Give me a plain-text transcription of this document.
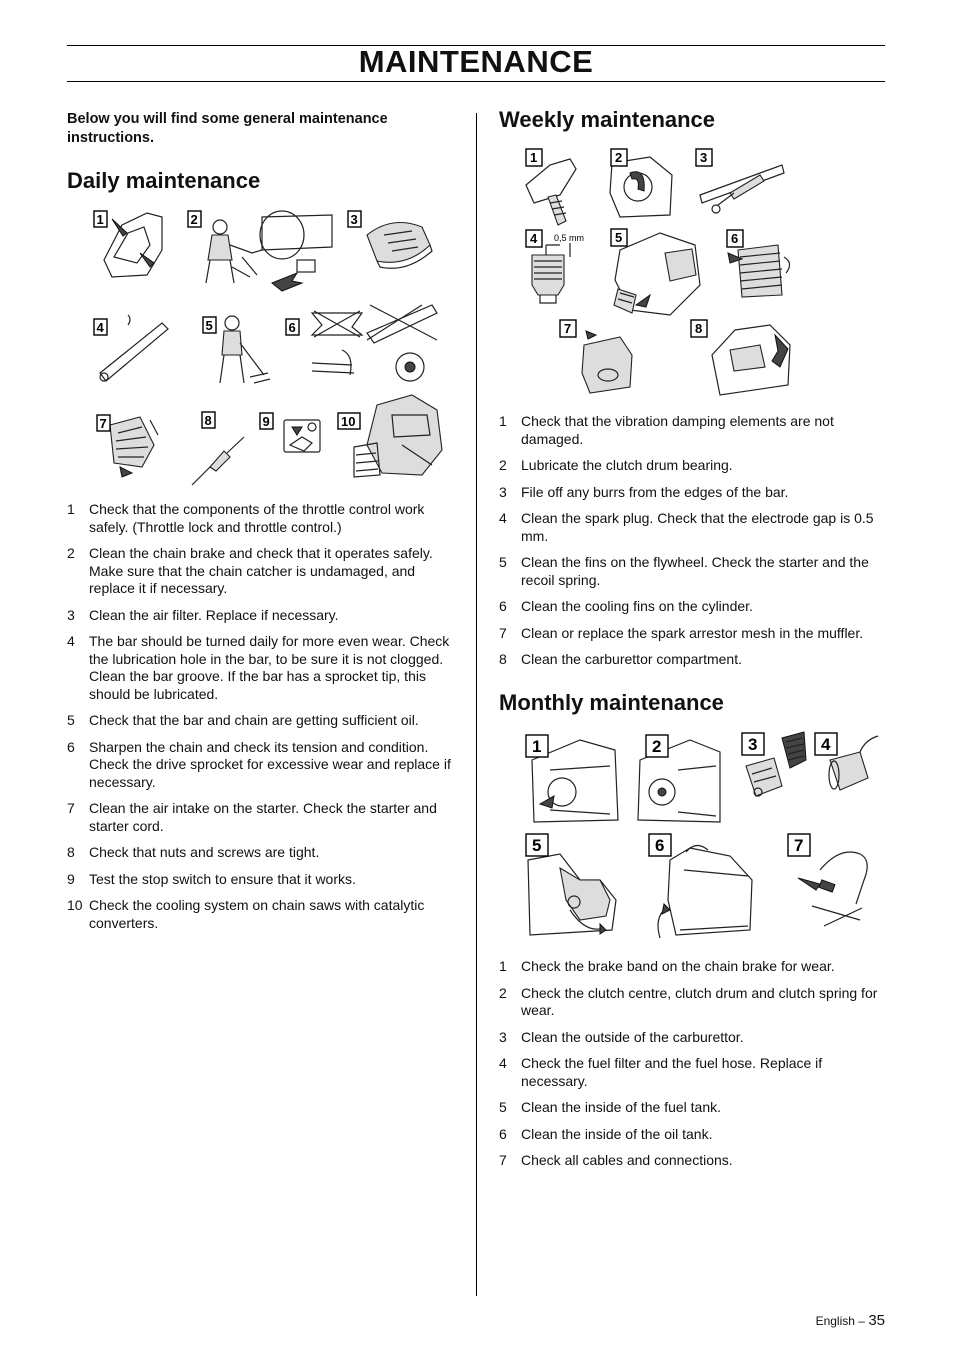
MAINTENANCE

Below you will find some general maintenance instructions.

Daily maintenance
1	2	3
4	5	6
7	8	9	10
1 Check that the components of the throttle control work safely. (Throttle lock and throttle control.)
2 Clean the chain brake and check that it operates safely. Make sure that the chain catcher is undamaged, and replace it if necessary.
3 Clean the air filter. Replace if necessary.
4 The bar should be turned daily for more even wear. Check the lubrication hole in the bar, to be sure it is not clogged. Clean the bar groove. If the bar has a sprocket tip, this should be lubricated.
5 Check that the bar and chain are getting sufficient oil.
6 Sharpen the chain and check its tension and condition. Check the drive sprocket for excessive wear and replace if necessary.
7 Clean the air intake on the starter. Check the starter and starter cord.
8 Check that nuts and screws are tight.
9 Test the stop switch to ensure that it works.
10 Check the cooling system on chain saws with catalytic converters.
Weekly maintenance
0,5 mm
1	2	3
4	5	6
7	8
1 Check that the vibration damping elements are not damaged.
2 Lubricate the clutch drum bearing.
3 File off any burrs from the edges of the bar.
4 Clean the spark plug. Check that the electrode gap is 0.5 mm.
5 Clean the fins on the flywheel. Check the starter and the recoil spring.
6 Clean the cooling fins on the cylinder.
7 Clean or replace the spark arrestor mesh in the muffler.
8 Clean the carburettor compartment.
Monthly maintenance
1	2	3	4
5	6	7
1 Check the brake band on the chain brake for wear.
2 Check the clutch centre, clutch drum and clutch spring for wear.
3 Clean the outside of the carburettor.
4 Check the fuel filter and the fuel hose. Replace if necessary.
5 Clean the inside of the fuel tank.
6 Clean the inside of the oil tank.
7 Check all cables and connections.
English – 35
